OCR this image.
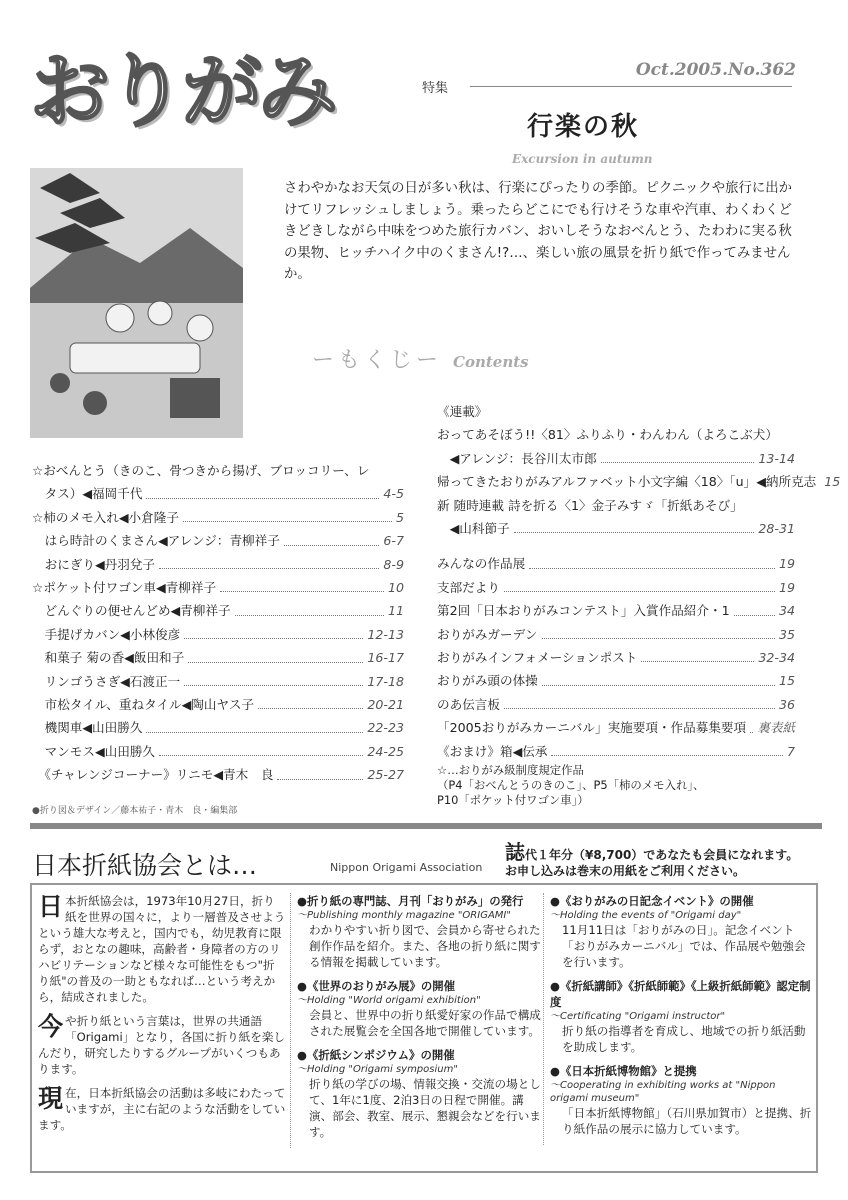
おりがみ	Oct.2005.No.362
特集
行楽の秋
Excursion in autumn
さわやかなお天気の日が多い秋は、行楽にぴったりの季節。ピクニックや旅行に出かけてリフレッシュしましょう。乗ったらどこにでも行けそうな車や汽車、わくわくどきどきしながら中味をつめた旅行カバン、おいしそうなおべんとう、たわわに実る秋の果物、ヒッチハイク中のくまさん!?…、楽しい旅の風景を折り紙で作ってみませんか。
ーもくじー Contents
☆おべんとう（きのこ、骨つきから揚げ、ブロッコリー、レ
　タス）◀福岡千代	4-5
☆柿のメモ入れ◀小倉隆子	5
　はら時計のくまさん◀アレンジ：青柳祥子	6-7
　おにぎり◀丹羽兌子	8-9
☆ポケット付ワゴン車◀青柳祥子	10
　どんぐりの便せんどめ◀青柳祥子	11
　手提げカバン◀小林俊彦	12-13
　和菓子 菊の香◀飯田和子	16-17
　リンゴうさぎ◀石渡正一	17-18
　市松タイル、重ねタイル◀陶山ヤス子	20-21
　機関車◀山田勝久	22-23
　マンモス◀山田勝久	24-25
　《チャレンジコーナー》リニモ◀青木　良	25-27
《連載》
おってあそぼう!!〈81〉ふりふり・わんわん（よろこぶ犬）
　◀アレンジ：長谷川太市郎	13-14
帰ってきたおりがみアルファベット小文字編〈18〉「u」◀納所克志 15
新 随時連載 詩を折る〈1〉金子みすゞ「折紙あそび」
　◀山科節子	28-31
みんなの作品展	19
支部だより	19
第2回「日本おりがみコンテスト」入賞作品紹介・1	34
おりがみガーデン	35
おりがみインフォメーションポスト	32-34
おりがみ頭の体操	15
のあ伝言板	36
「2005おりがみカーニバル」実施要項・作品募集要項 裏表紙
《おまけ》箱◀伝承	7
☆…おりがみ級制度規定作品
（P4「おべんとうのきのこ」、P5「柿のメモ入れ」、
P10「ポケット付ワゴン車」）
●折り図＆デザイン／藤本祐子・青木　良・編集部
日本折紙協会とは…	Nippon Origami Association
誌代１年分（¥8,700）であなたも会員になれます。
お申し込みは巻末の用紙をご利用ください。
日本折紙協会は，1973年10月27日，折り紙を世界の国々に，より一層普及させようという雄大な考えと，国内でも，幼児教育に限らず，おとなの趣味，高齢者・身障者の方のリハビリテーションなど様々な可能性をもつ"折り紙"の普及の一助ともなれば…という考えから，結成されました。
今や折り紙という言葉は，世界の共通語「Origami」となり，各国に折り紙を楽しんだり，研究したりするグループがいくつもあります。
現在，日本折紙協会の活動は多岐にわたっていますが，主に右記のような活動をしています。
●折り紙の専門誌、月刊「おりがみ」の発行
〜Publishing monthly magazine "ORIGAMI"
わかりやすい折り図で、会員から寄せられた創作作品を紹介。また、各地の折り紙に関する情報を掲載しています。
●《世界のおりがみ展》の開催
〜Holding "World origami exhibition"
会員と、世界中の折り紙愛好家の作品で構成された展覧会を全国各地で開催しています。
●《折紙シンポジウム》の開催
〜Holding "Origami symposium"
折り紙の学びの場、情報交換・交流の場として、1年に1度、2泊3日の日程で開催。講演、部会、教室、展示、懇親会などを行います。
●《おりがみの日記念イベント》の開催
〜Holding the events of "Origami day"
11月11日は「おりがみの日」。記念イベント「おりがみカーニバル」では、作品展や勉強会を行います。
●《折紙講師》《折紙師範》《上級折紙師範》認定制度
〜Certificating "Origami instructor"
折り紙の指導者を育成し、地域での折り紙活動を助成します。
●《日本折紙博物館》と提携
〜Cooperating in exhibiting works at "Nippon origami museum"
「日本折紙博物館」（石川県加賀市）と提携、折り紙作品の展示に協力しています。
